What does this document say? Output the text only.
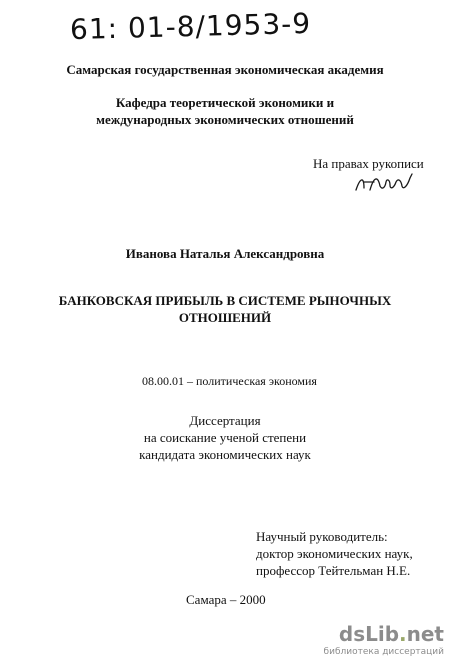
61: 01-8/1953-9
Самарская государственная экономическая академия
Кафедра теоретической экономики и
международных экономических отношений
На правах рукописи
Иванова Наталья Александровна
БАНКОВСКАЯ ПРИБЫЛЬ В СИСТЕМЕ РЫНОЧНЫХ
ОТНОШЕНИЙ
08.00.01 – политическая экономия
Диссертация
на соискание ученой степени
кандидата экономических наук
Научный руководитель:
доктор экономических наук,
профессор Тейтельман Н.Е.
Самара – 2000
dsLib.net
библиотека диссертаций
